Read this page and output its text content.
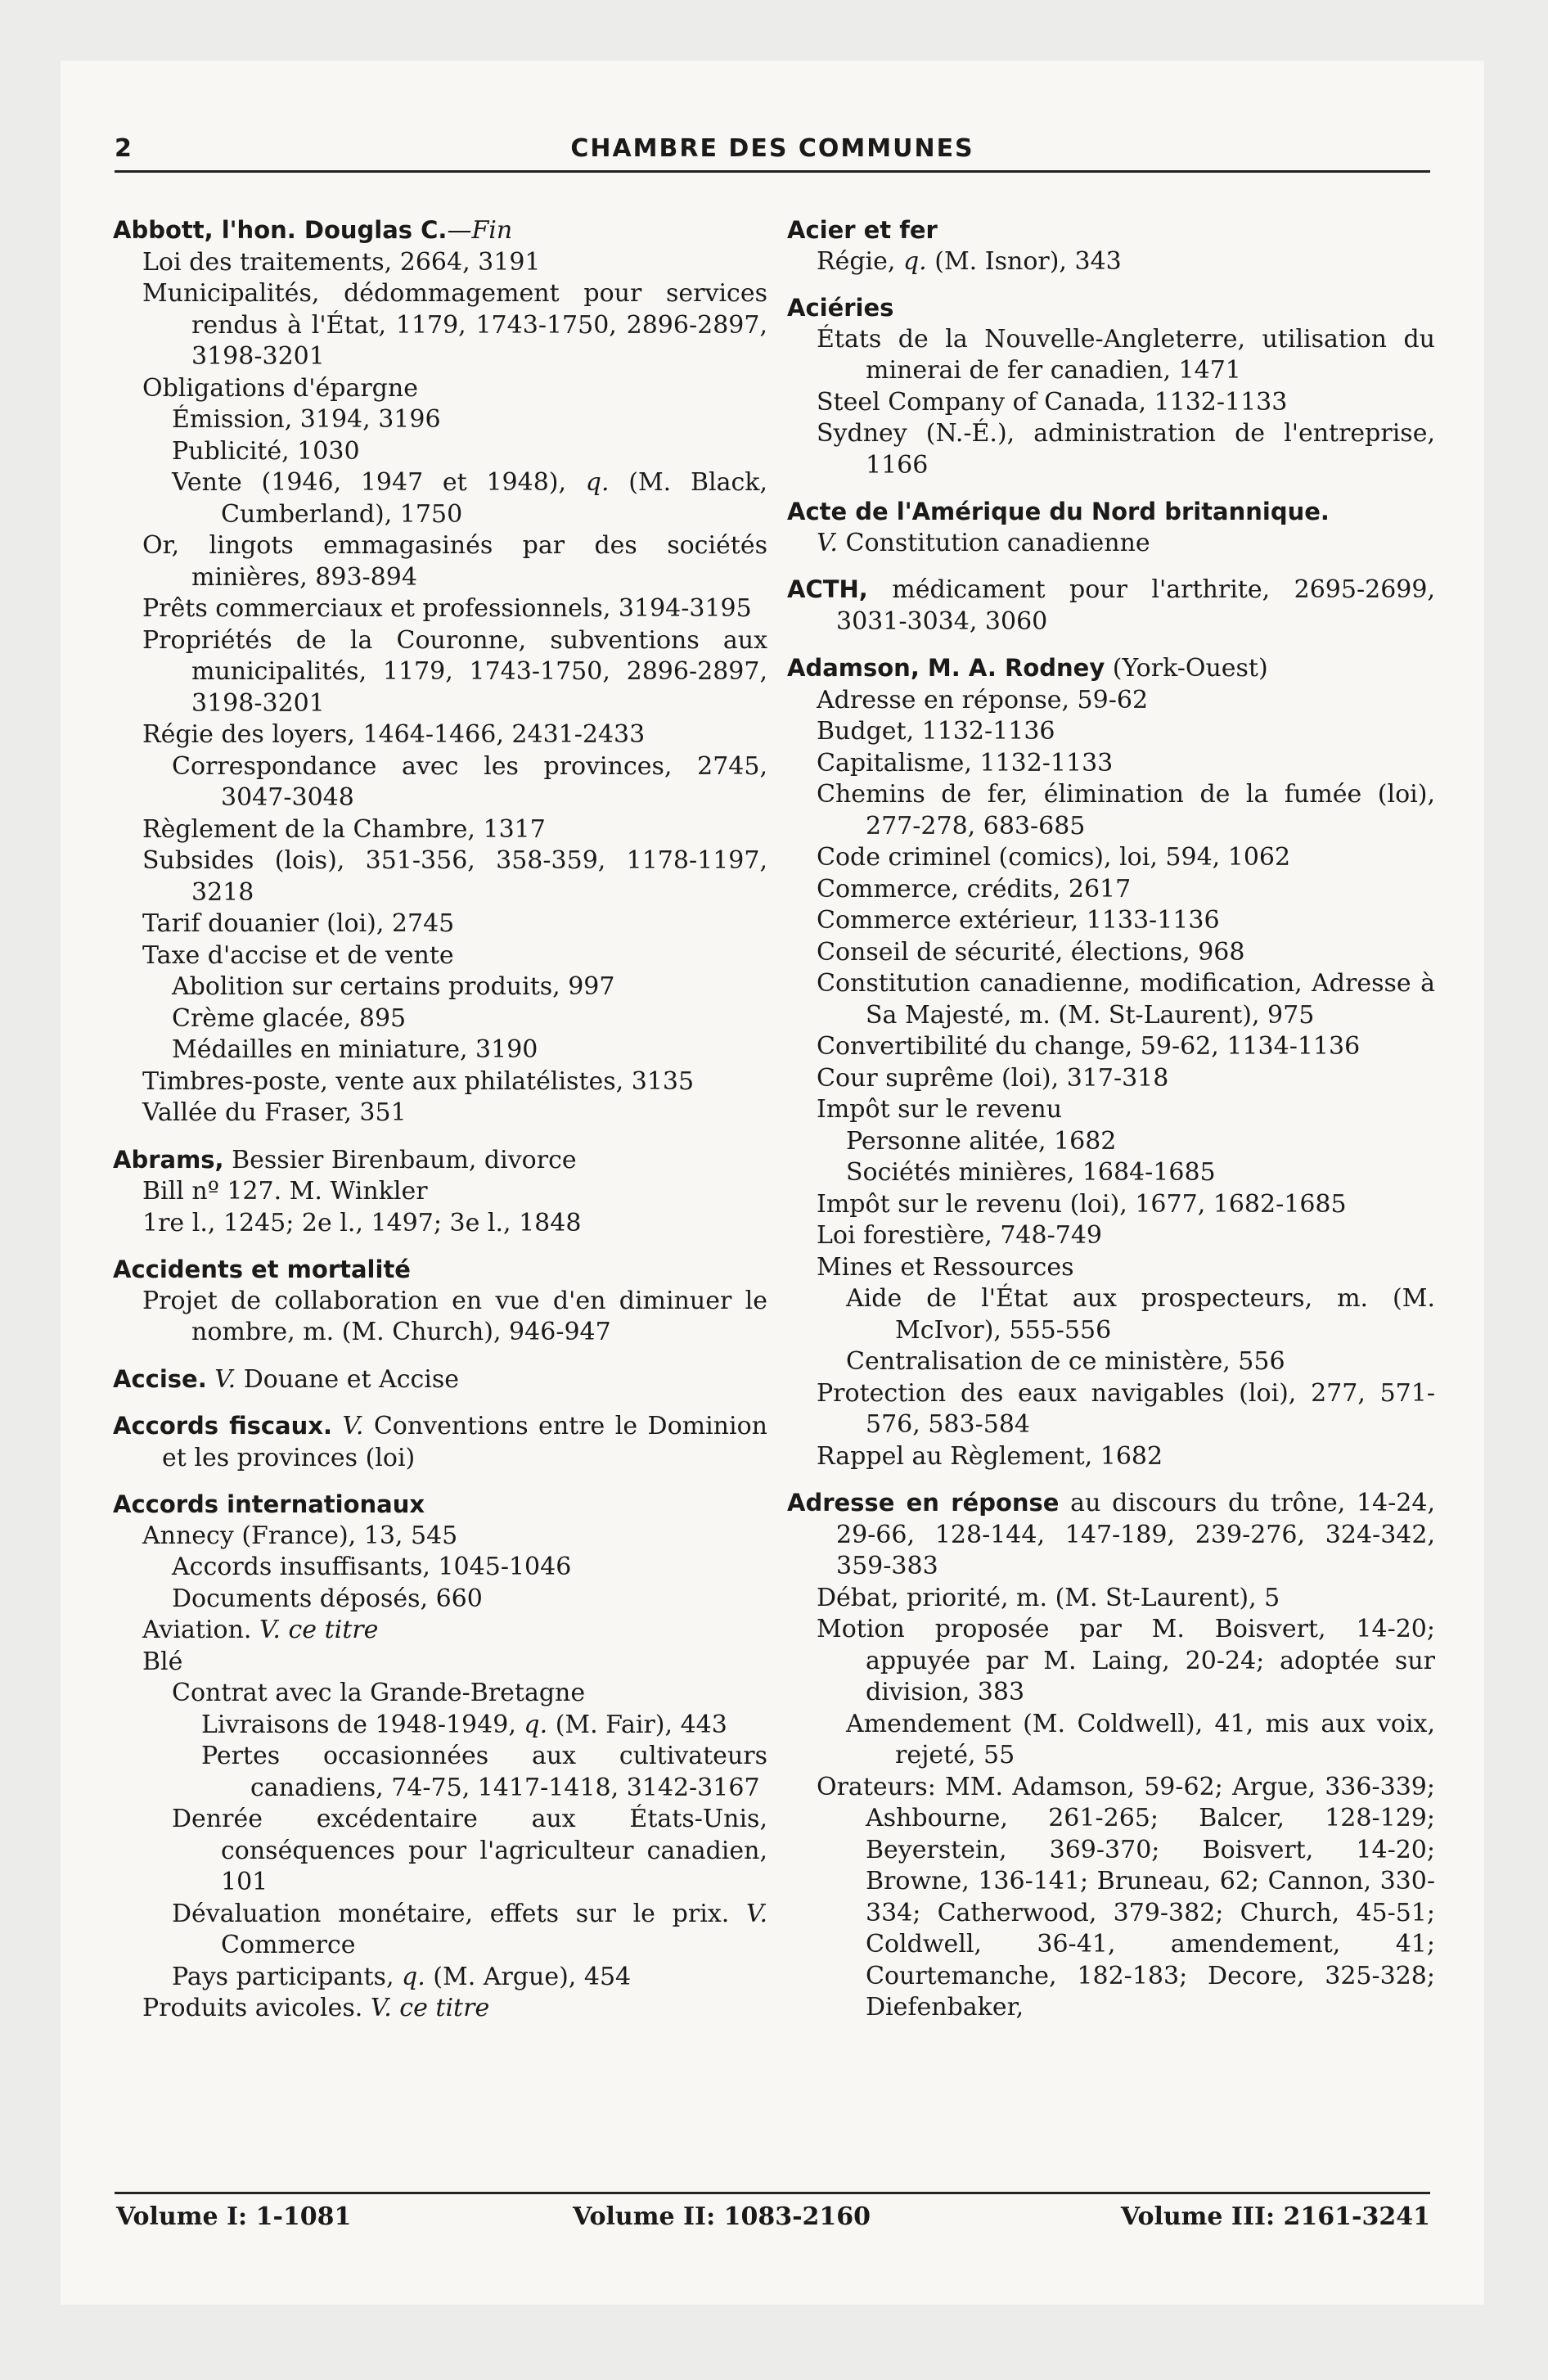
2	CHAMBRE DES COMMUNES
Abbott, l'hon. Douglas C.—Fin
Loi des traitements, 2664, 3191
Municipalités, dédommagement pour services rendus à l'État, 1179, 1743-1750, 2896-2897, 3198-3201
Obligations d'épargne
Émission, 3194, 3196
Publicité, 1030
Vente (1946, 1947 et 1948), q. (M. Black, Cumberland), 1750
Or, lingots emmagasinés par des sociétés minières, 893-894
Prêts commerciaux et professionnels, 3194-3195
Propriétés de la Couronne, subventions aux municipalités, 1179, 1743-1750, 2896-2897, 3198-3201
Régie des loyers, 1464-1466, 2431-2433
Correspondance avec les provinces, 2745, 3047-3048
Règlement de la Chambre, 1317
Subsides (lois), 351-356, 358-359, 1178-1197, 3218
Tarif douanier (loi), 2745
Taxe d'accise et de vente
Abolition sur certains produits, 997
Crème glacée, 895
Médailles en miniature, 3190
Timbres-poste, vente aux philatélistes, 3135
Vallée du Fraser, 351
Abrams, Bessier Birenbaum, divorce
Bill nº 127. M. Winkler
1re l., 1245; 2e l., 1497; 3e l., 1848
Accidents et mortalité
Projet de collaboration en vue d'en diminuer le nombre, m. (M. Church), 946-947
Accise. V. Douane et Accise
Accords fiscaux. V. Conventions entre le Dominion et les provinces (loi)
Accords internationaux
Annecy (France), 13, 545
Accords insuffisants, 1045-1046
Documents déposés, 660
Aviation. V. ce titre
Blé
Contrat avec la Grande-Bretagne
Livraisons de 1948-1949, q. (M. Fair), 443
Pertes occasionnées aux cultivateurs canadiens, 74-75, 1417-1418, 3142-3167
Denrée excédentaire aux États-Unis, conséquences pour l'agriculteur canadien, 101
Dévaluation monétaire, effets sur le prix. V. Commerce
Pays participants, q. (M. Argue), 454
Produits avicoles. V. ce titre
Acier et fer
Régie, q. (M. Isnor), 343
Aciéries
États de la Nouvelle-Angleterre, utilisation du minerai de fer canadien, 1471
Steel Company of Canada, 1132-1133
Sydney (N.-É.), administration de l'entreprise, 1166
Acte de l'Amérique du Nord britannique.
V. Constitution canadienne
ACTH, médicament pour l'arthrite, 2695-2699, 3031-3034, 3060
Adamson, M. A. Rodney (York-Ouest)
Adresse en réponse, 59-62
Budget, 1132-1136
Capitalisme, 1132-1133
Chemins de fer, élimination de la fumée (loi), 277-278, 683-685
Code criminel (comics), loi, 594, 1062
Commerce, crédits, 2617
Commerce extérieur, 1133-1136
Conseil de sécurité, élections, 968
Constitution canadienne, modification, Adresse à Sa Majesté, m. (M. St-Laurent), 975
Convertibilité du change, 59-62, 1134-1136
Cour suprême (loi), 317-318
Impôt sur le revenu
Personne alitée, 1682
Sociétés minières, 1684-1685
Impôt sur le revenu (loi), 1677, 1682-1685
Loi forestière, 748-749
Mines et Ressources
Aide de l'État aux prospecteurs, m. (M. McIvor), 555-556
Centralisation de ce ministère, 556
Protection des eaux navigables (loi), 277, 571-576, 583-584
Rappel au Règlement, 1682
Adresse en réponse au discours du trône, 14-24, 29-66, 128-144, 147-189, 239-276, 324-342, 359-383
Débat, priorité, m. (M. St-Laurent), 5
Motion proposée par M. Boisvert, 14-20; appuyée par M. Laing, 20-24; adoptée sur division, 383
Amendement (M. Coldwell), 41, mis aux voix, rejeté, 55
Orateurs: MM. Adamson, 59-62; Argue, 336-339; Ashbourne, 261-265; Balcer, 128-129; Beyerstein, 369-370; Boisvert, 14-20; Browne, 136-141; Bruneau, 62; Cannon, 330-334; Catherwood, 379-382; Church, 45-51; Coldwell, 36-41, amendement, 41; Courtemanche, 182-183; Decore, 325-328; Diefenbaker,
Volume I: 1-1081	Volume II: 1083-2160	Volume III: 2161-3241
